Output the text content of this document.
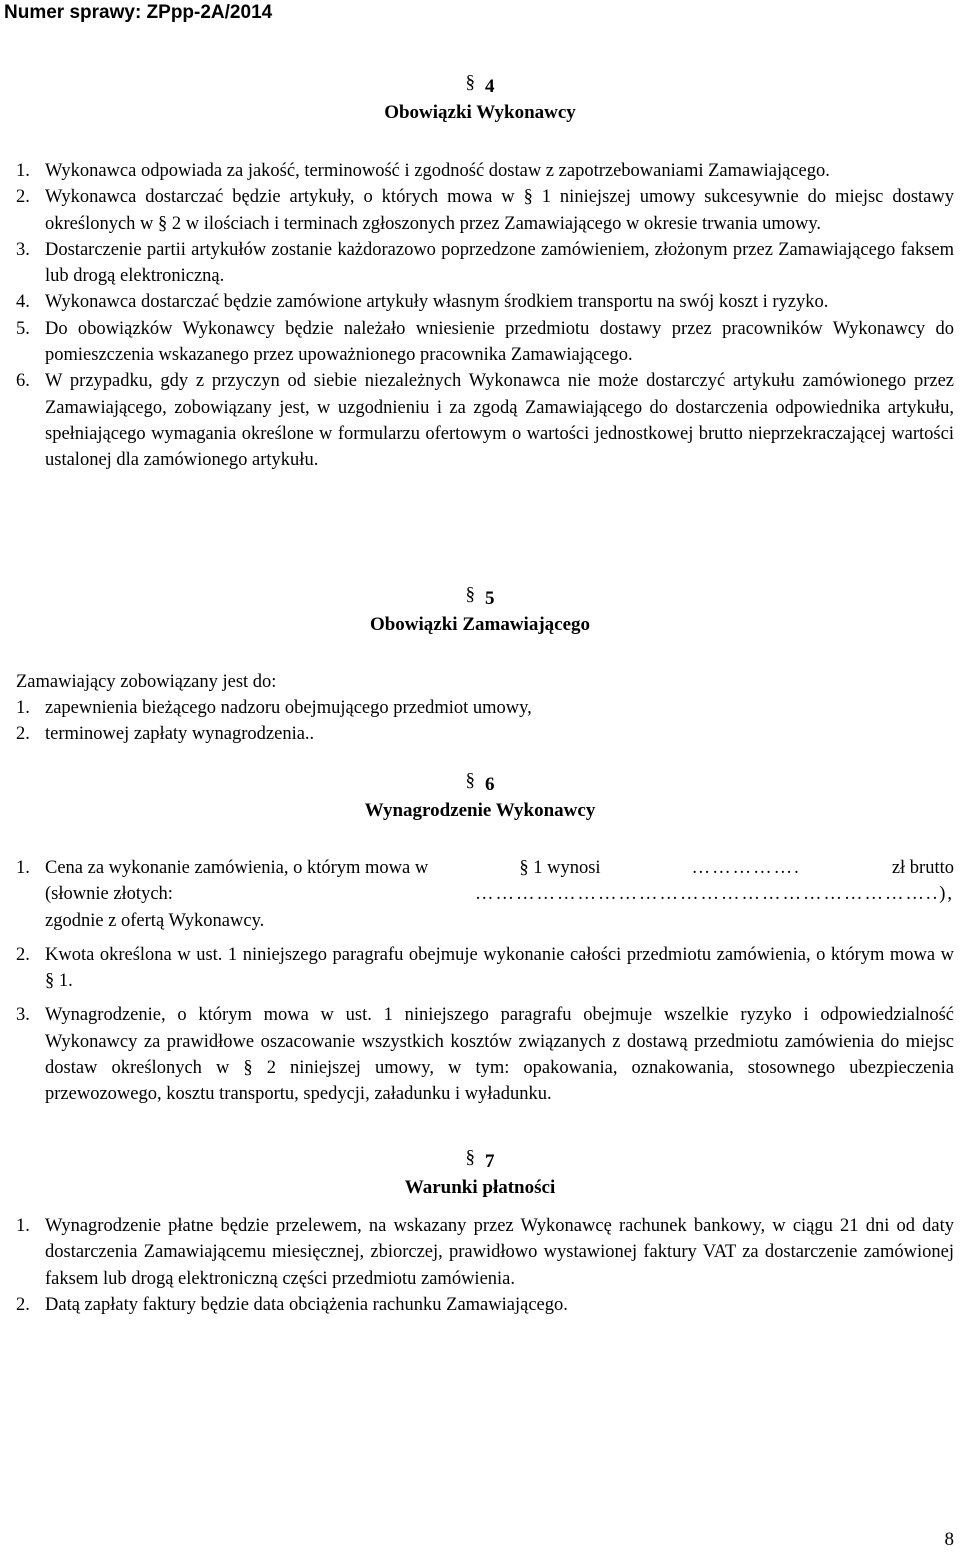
Numer sprawy: ZPpp-2A/2014
§ 4
Obowiązki Wykonawcy
1. Wykonawca odpowiada za jakość, terminowość i zgodność dostaw z zapotrzebowaniami Zamawiającego.
2. Wykonawca dostarczać będzie artykuły, o których mowa w § 1 niniejszej umowy sukcesywnie do miejsc dostawy określonych w § 2 w ilościach i terminach zgłoszonych przez Zamawiającego w okresie trwania umowy.
3. Dostarczenie partii artykułów zostanie każdorazowo poprzedzone zamówieniem, złożonym przez Zamawiającego faksem lub drogą elektroniczną.
4. Wykonawca dostarczać będzie zamówione artykuły własnym środkiem transportu na swój koszt i ryzyko.
5. Do obowiązków Wykonawcy będzie należało wniesienie przedmiotu dostawy przez pracowników Wykonawcy do pomieszczenia wskazanego przez upoważnionego pracownika Zamawiającego.
6. W przypadku, gdy z przyczyn od siebie niezależnych Wykonawca nie może dostarczyć artykułu zamówionego przez Zamawiającego, zobowiązany jest, w uzgodnieniu i za zgodą Zamawiającego do dostarczenia odpowiednika artykułu, spełniającego wymagania określone w formularzu ofertowym o wartości jednostkowej brutto nieprzekraczającej wartości ustalonej dla zamówionego artykułu.
§ 5
Obowiązki Zamawiającego
Zamawiający zobowiązany jest do:
1. zapewnienia bieżącego nadzoru obejmującego przedmiot umowy,
2. terminowej zapłaty wynagrodzenia..
§ 6
Wynagrodzenie Wykonawcy
1. Cena za wykonanie zamówienia, o którym mowa w	§ 1 wynosi	…………….	zł brutto
(słownie złotych:	…………………………………………………………..),
zgodnie z ofertą Wykonawcy.
2. Kwota określona w ust. 1 niniejszego paragrafu obejmuje wykonanie całości przedmiotu zamówienia, o którym mowa w § 1.
3. Wynagrodzenie, o którym mowa w ust. 1 niniejszego paragrafu obejmuje wszelkie ryzyko i odpowiedzialność Wykonawcy za prawidłowe oszacowanie wszystkich kosztów związanych z dostawą przedmiotu zamówienia do miejsc dostaw określonych w § 2 niniejszej umowy, w tym: opakowania, oznakowania, stosownego ubezpieczenia przewozowego, kosztu transportu, spedycji, załadunku i wyładunku.
§ 7
Warunki płatności
1. Wynagrodzenie płatne będzie przelewem, na wskazany przez Wykonawcę rachunek bankowy, w ciągu 21 dni od daty dostarczenia Zamawiającemu miesięcznej, zbiorczej, prawidłowo wystawionej faktury VAT za dostarczenie zamówionej faksem lub drogą elektroniczną części przedmiotu zamówienia.
2. Datą zapłaty faktury będzie data obciążenia rachunku Zamawiającego.
8
